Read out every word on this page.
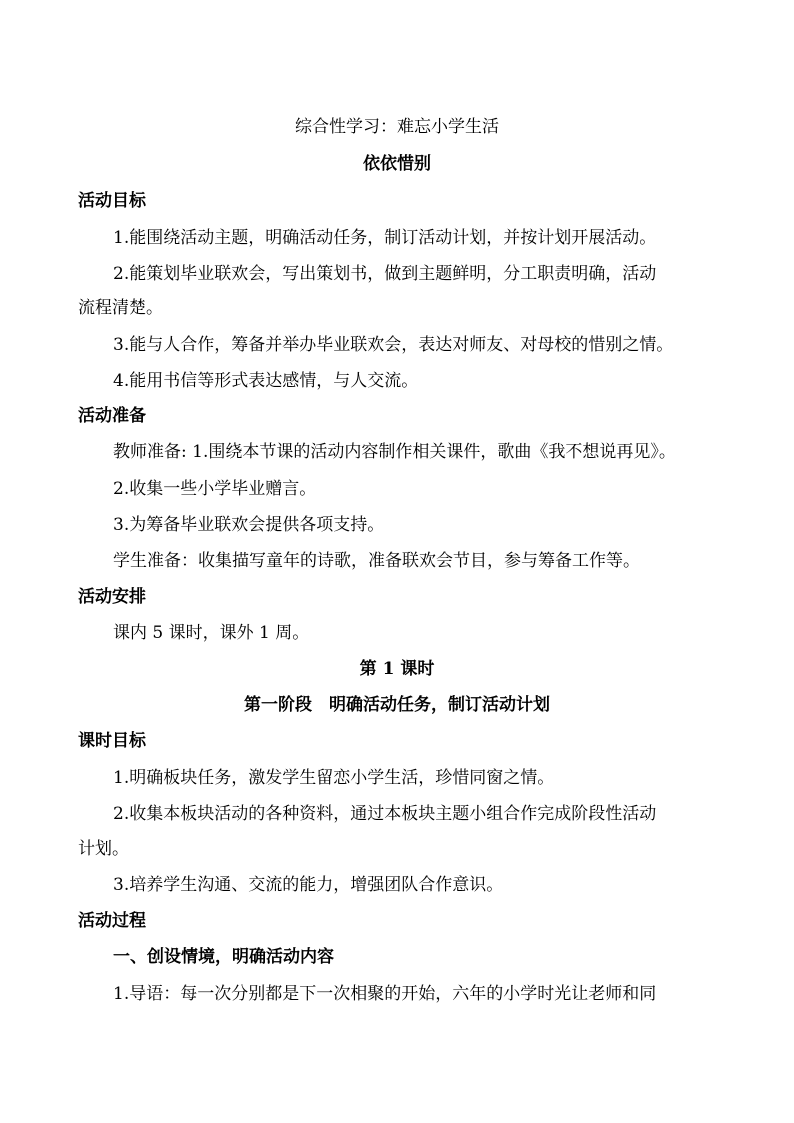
综合性学习：难忘小学生活
依依惜别
活动目标
1.能围绕活动主题，明确活动任务，制订活动计划，并按计划开展活动。
2.能策划毕业联欢会，写出策划书，做到主题鲜明，分工职责明确，活动
流程清楚。
3.能与人合作，筹备并举办毕业联欢会，表达对师友、对母校的惜别之情。
4.能用书信等形式表达感情，与人交流。
活动准备
教师准备: 1.围绕本节课的活动内容制作相关课件，歌曲《我不想说再见》。
2.收集一些小学毕业赠言。
3.为筹备毕业联欢会提供各项支持。
学生准备：收集描写童年的诗歌，准备联欢会节目，参与筹备工作等。
活动安排
课内 5 课时，课外 1 周。
第 1 课时
第一阶段　明确活动任务，制订活动计划
课时目标
1.明确板块任务，激发学生留恋小学生活，珍惜同窗之情。
2.收集本板块活动的各种资料，通过本板块主题小组合作完成阶段性活动
计划。
3.培养学生沟通、交流的能力，增强团队合作意识。
活动过程
一、创设情境，明确活动内容
1.导语：每一次分别都是下一次相聚的开始，六年的小学时光让老师和同
